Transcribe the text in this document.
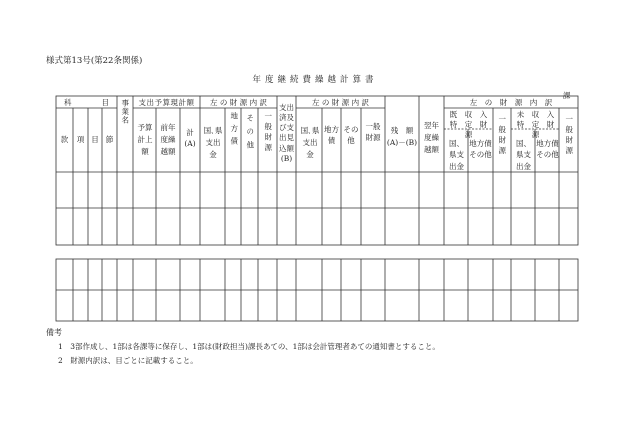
様式第13号(第22条関係)
年度継続費繰越計算書
課
科　　　　目
款	項 目 節
事業名	支出予算現計額
予算計上額
前年度繰越額
計(A)
左 の 財 源 内 訳
国､県支出金
地方債 その他 一般財源
支出済及び支出見込額(B)
左 の 財 源 内 訳
国､県支出金
地方債
その他
一般財源
残　額(A)－(B)
翌年度繰越額
左　の　財　源　内　訳
既　収　入　特　定　財　源
国、県支出金
地方債その他 一般財源
未　収　入　特　定　財　源
国、県支出金
地方債その他 一般財源
備考
1　3部作成し、1部は各課等に保存し、1部は(財政担当)課長あての、1部は会計管理者あての通知書とすること。
2　財源内訳は、目ごとに記載すること。
